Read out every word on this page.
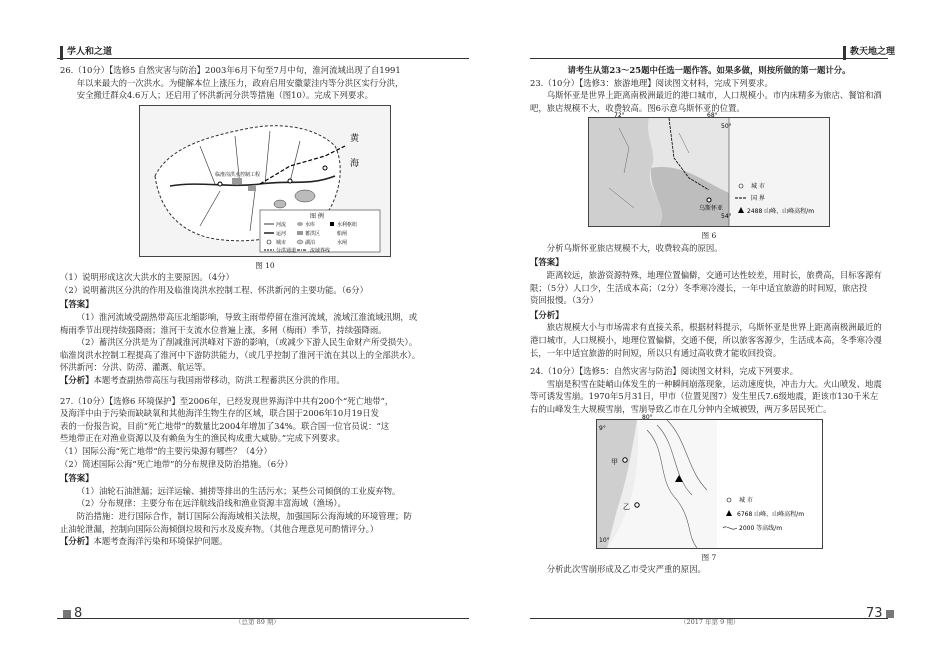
学人和之道	教天地之理

26.（10分）【选修5 自然灾害与防治】2003年6月下旬至7月中旬，淮河流域出现了自1991

年以来最大的一次洪水。为健解本位上涨压力，政府启用安徽蒙洼内等分洪区实行分洪，

安全搬迁群众4.6万人；还启用了怀洪新河分洪等措施（图10）。完成下列要求。

黄
海
临淮岗洪水控制工程
图 例
河流	水库	水利枢纽
运河	蓄洪区	船闸
城市	湖泊	水闸
分洪通道	流域界线

图 10

（1）说明形成这次大洪水的主要原因。（4分）

（2）说明蓄洪区分洪的作用及临淮岗洪水控制工程、怀洪新河的主要功能。（6分）

【答案】

（1）淮河流域受副热带高压北缩影响，导致主雨带停留在淮河流域，流域江淮流域汛期，或

梅雨季节出现持续强降雨；淮河干支流水位普遍上涨，多闸（梅雨）季节，持续强降雨。

（2）蓄洪区分洪是为了削减淮河洪峰对下游的影响，（或减少下游人民生命财产所受损失）。

临淮岗洪水控制工程提高了淮河中下游防洪能力，（或几乎控制了淮河干流在其以上的全部洪水）。

怀洪新河：分洪、防涝、灌溉、航运等。

【分析】本题考查副热带高压与我国雨带移动，防洪工程蓄洪区分洪的作用。

27.（10分）【选修6 环境保护】至2006年，已经发现世界海洋中共有200个“死亡地带”，

及海洋中由于污染而缺缺氧和其他海洋生物生存的区域，联合国于2006年10月19日发

表的一份报告说，目前“死亡地带”的数量比2004年增加了34%。联合国一位官员说：“这

些地带正在对渔业资源以及有赖鱼为生的渔民构成重大威胁。”完成下列要求。

（1）国际公海“死亡地带”的主要污染源有哪些？（4分）

（2）简述国际公海“死亡地带”的分布规律及防治措施。（6分）

【答案】

（1）油轮石油泄漏；远洋运输、捕捞等排出的生活污水；某些公司倾倒的工业废弃物。

（2）分布规律：主要分布在远洋航线沿线和渔业资源丰富海域（渔场）。

防治措施：进行国际合作，制订国际公海海域相关法规，加强国际公海海域的环境管理；防

止油轮泄漏，控制向国际公海倾倒垃圾和污水及废弃物。（其他合理意见可酌情评分。）

【分析】本题考查海洋污染和环境保护问题。

请考生从第23～25题中任选一题作答。如果多做，则按所做的第一题计分。

23.（10分）【选修3：旅游地理】阅读图文材料，完成下列要求。

乌斯怀亚是世界上距离南极洲最近的港口城市，人口规模小。市内床精多为旅店、餐馆和酒

吧，旅店规模不大，收费较高。图6示意乌斯怀亚的位置。

乌斯怀亚
72°	68°
50°
54°
城 市
国 界
2488 山峰、山峰高程/m

图 6

分析乌斯怀亚旅店规模不大，收费较高的原因。

【答案】

距离较远，旅游资源特殊，地理位置偏僻，交通可达性较差，用时长，旅费高，目标客源有

限；（5分）人口少，生活成本高；（2分）冬季寒冷漫长，一年中适宜旅游的时间短，旅店投

资回报慢。（3分）

【分析】

旅店规模大小与市场需求有直接关系，根据材料提示，乌斯怀亚是世界上距离南极洲最近的

港口城市，人口规模小，地理位置偏僻，交通不便，所以旅客客源少，生活成本高，冬季寒冷漫

长，一年中适宜旅游的时间短，所以只有通过高收费才能收回投资。

24.（10分）【选修5：自然灾害与防治】阅读图文材料，完成下列要求。

雪崩是积雪在陡峭山体发生的一种瞬间崩落现象，运动速度快，冲击力大。火山喷发、地震

等可诱发雪崩。1970年5月31日，甲市（位置见图7）发生里氏7.6级地震，距该市130千米左

右的山峰发生大规模雪崩，雪崩导致乙市在几分钟内全城被毁，两万多居民死亡。

甲
乙
80°
9°
10°
城 市
6768 山峰、山峰高程/m
2000 等高线/m

图 7

分析此次雪崩形成及乙市受灾严重的原因。

8	73
（总第 89 期）	（2017 年第 9 期）
